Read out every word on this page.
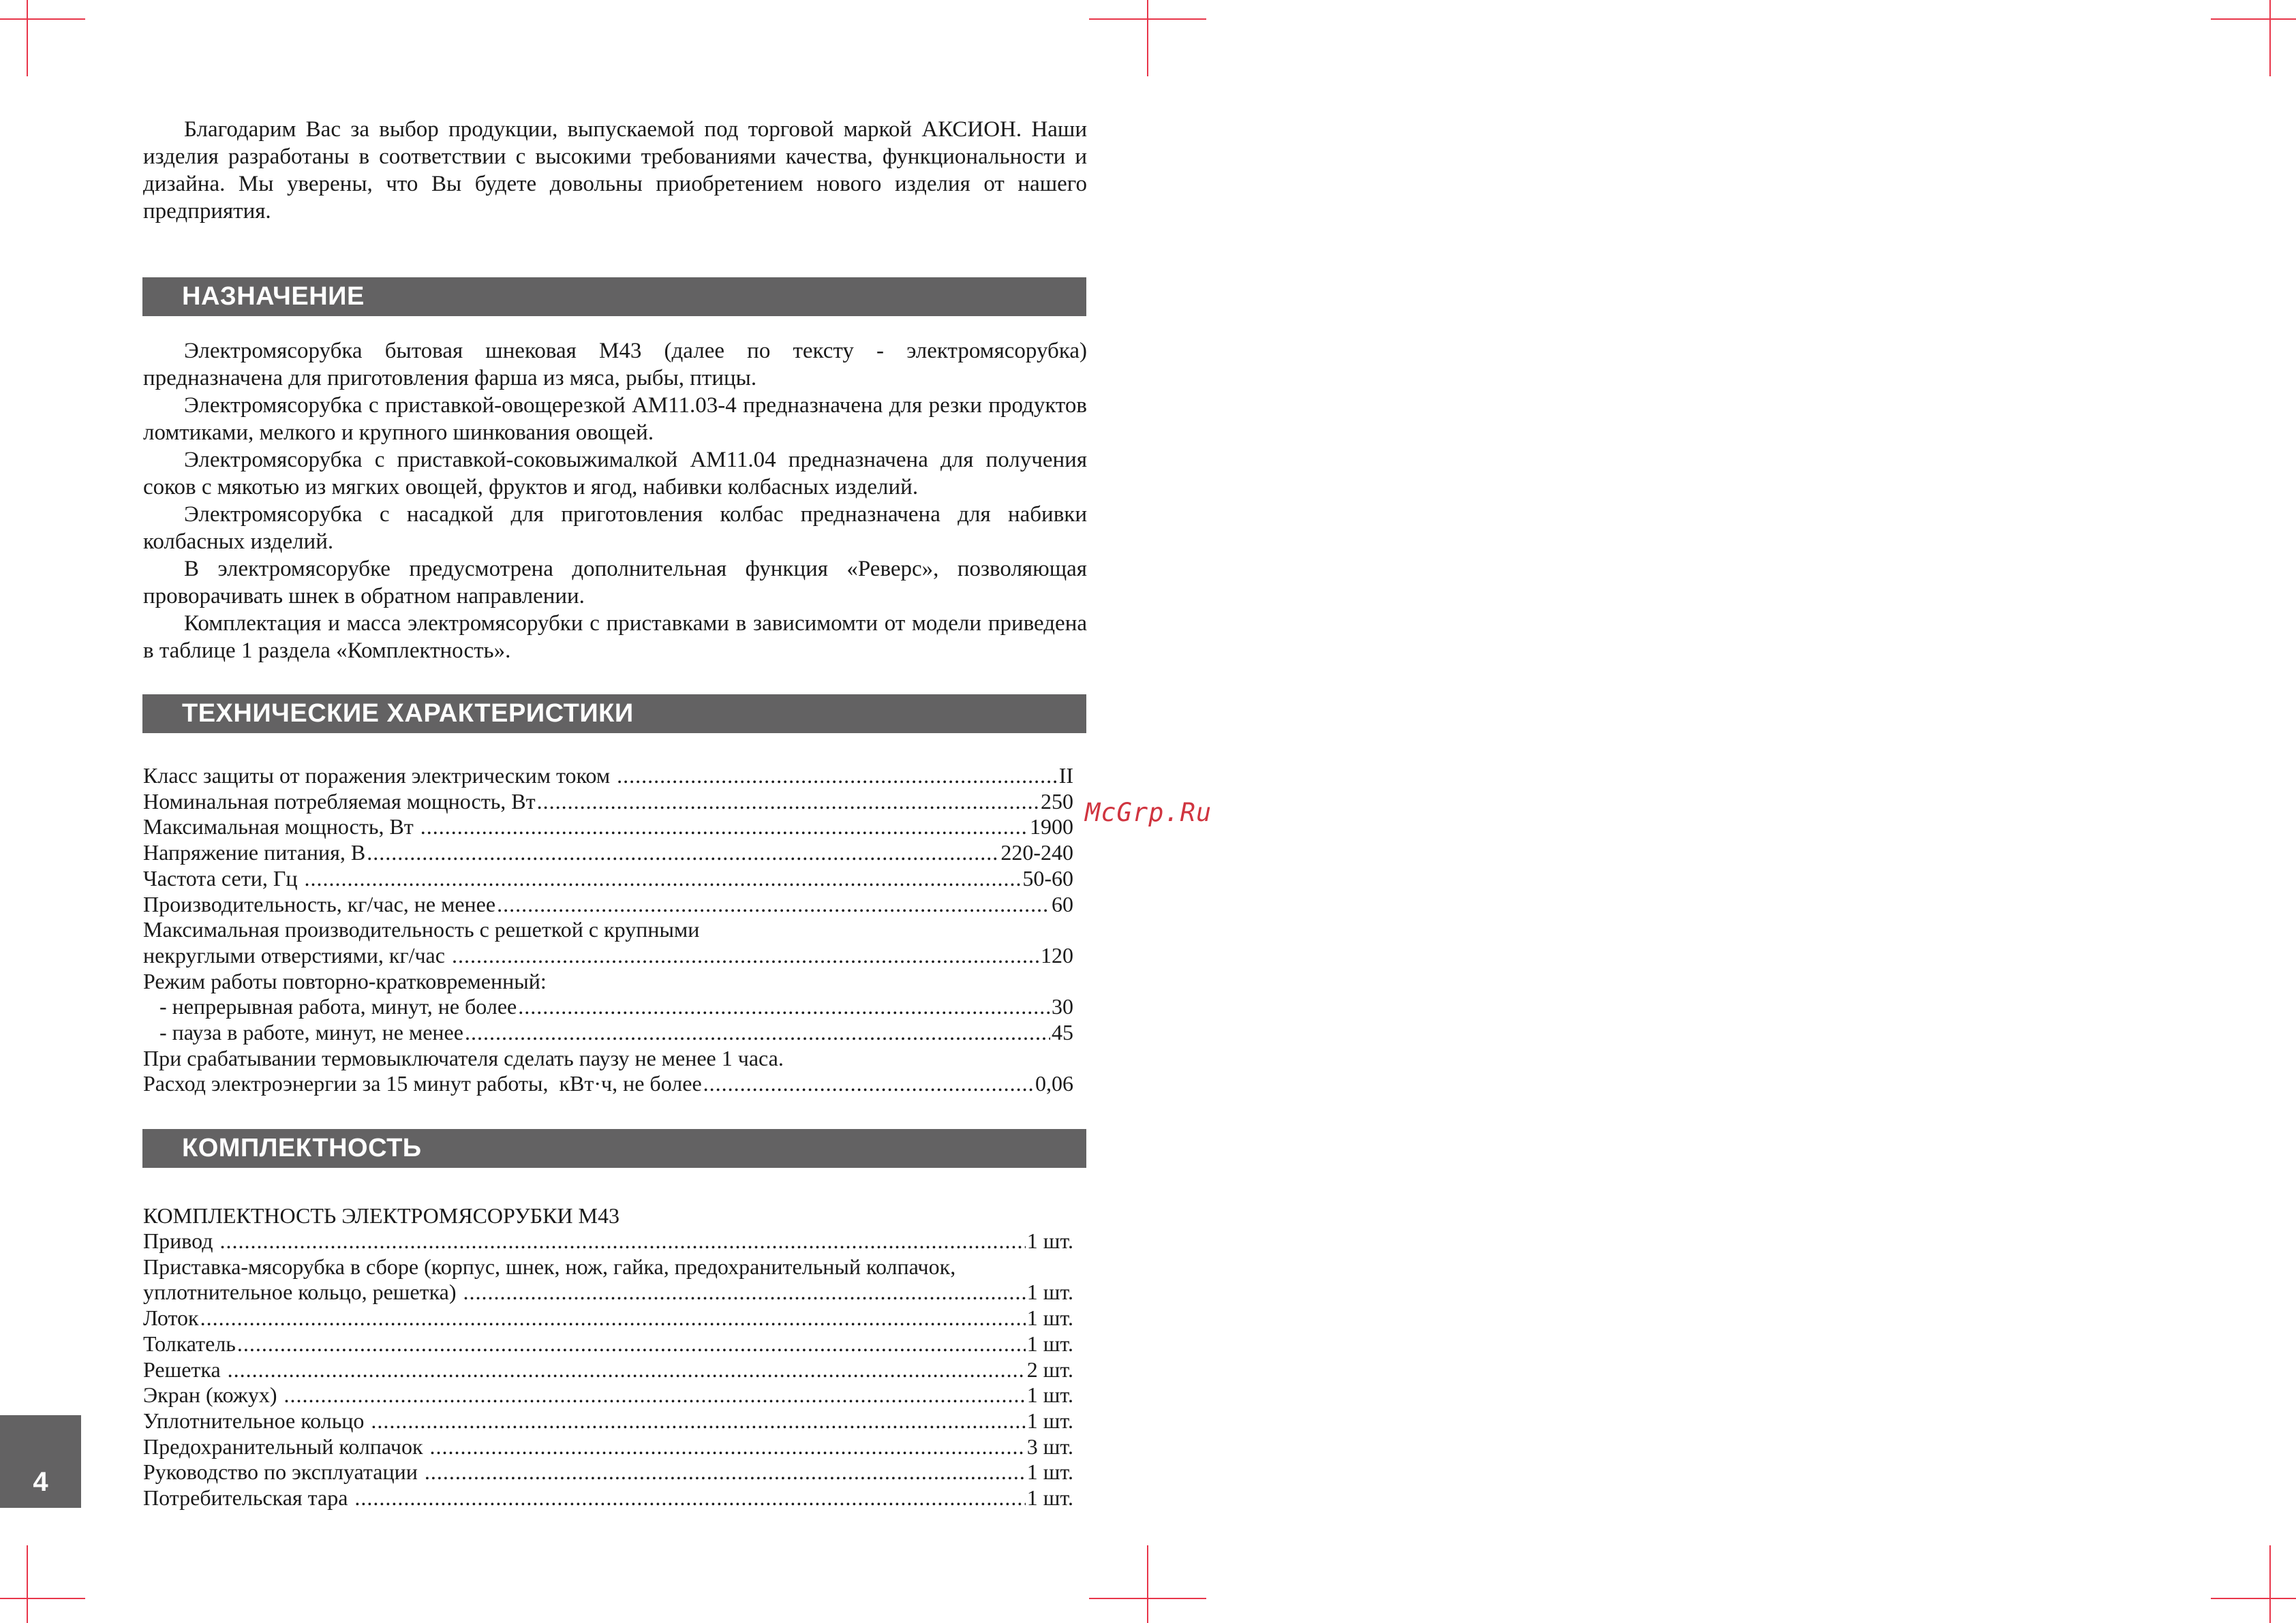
Благодарим Вас за выбор продукции, выпускаемой под торговой маркой АКСИОН. Наши изделия разработаны в соответствии с высокими требованиями качества, функциональности и дизайна. Мы уверены, что Вы будете довольны приобретением нового изделия от нашего предприятия.

НАЗНАЧЕНИЕ

Электромясорубка бытовая шнековая М43 (далее по тексту - электромясорубка) предназначена для приготовления фарша из мяса, рыбы, птицы.

Электромясорубка с приставкой-овощерезкой АМ11.03-4 предназначена для резки продуктов ломтиками, мелкого и крупного шинкования овощей.

Электромясорубка с приставкой-соковыжималкой АМ11.04 предназначена для получения соков с мякотью из мягких овощей, фруктов и ягод, набивки колбасных изделий.

Электромясорубка с насадкой для приготовления колбас предназначена для набивки колбасных изделий.

В электромясорубке предусмотрена дополнительная функция «Реверс», позволяющая проворачивать шнек в обратном направлении.

Комплектация и масса электромясорубки с приставками в зависимомти от модели приведена в таблице 1 раздела «Комплектность».

ТЕХНИЧЕСКИЕ ХАРАКТЕРИСТИКИ
Класс защиты от поражения электрическим током .....	II
Номинальная потребляемая мощность, Вт .....	250
Максимальная мощность, Вт .....	1900
Напряжение питания, В .....	220-240
Частота сети, Гц .....	50-60
Производительность, кг/час, не менее .....	60
Максимальная производительность с решеткой с крупными
некруглыми отверстиями, кг/час .....	120
Режим работы повторно-кратковременный:
- непрерывная работа, минут, не более .....	30
- пауза в работе, минут, не менее .....	45
При срабатывании термовыключателя сделать паузу не менее 1 часа.
Расход электроэнергии за 15 минут работы,  кВт·ч, не более .....	0,06
КОМПЛЕКТНОСТЬ
КОМПЛЕКТНОСТЬ ЭЛЕКТРОМЯСОРУБКИ М43
Привод .....	1 шт.
Приставка-мясорубка в сборе (корпус, шнек, нож, гайка, предохранительный колпачок,
уплотнительное кольцо, решетка) .....	1 шт.
Лоток .....	1 шт.
Толкатель .....	1 шт.
Решетка .....	2 шт.
Экран (кожух) .....	1 шт.
Уплотнительное кольцо .....	1 шт.
Предохранительный колпачок .....	3 шт.
Руководство по эксплуатации .....	1 шт.
Потребительская тара .....	1 шт.
4
McGrp.Ru
